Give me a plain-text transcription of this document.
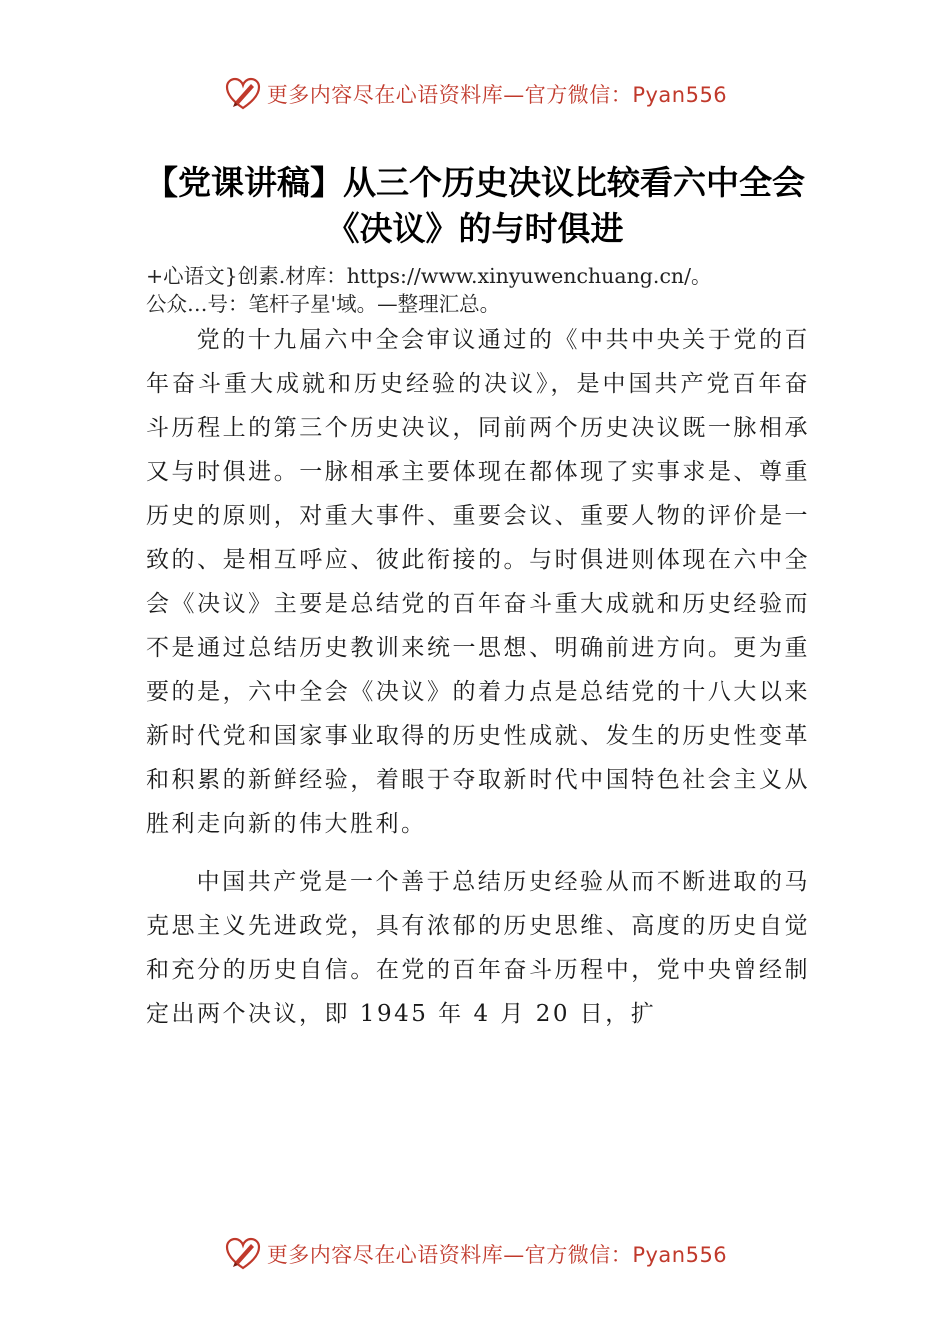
更多内容尽在心语资料库—官方微信：Pyan556
【党课讲稿】从三个历史决议比较看六中全会《决议》的与时俱进
+心语文}创素.材库：https://www.xinyuwenchuang.cn/。
公众…号：笔杆子星'域。—整理汇总。

党的十九届六中全会审议通过的《中共中央关于党的百年奋斗重大成就和历史经验的决议》，是中国共产党百年奋斗历程上的第三个历史决议，同前两个历史决议既一脉相承又与时俱进。一脉相承主要体现在都体现了实事求是、尊重历史的原则，对重大事件、重要会议、重要人物的评价是一致的、是相互呼应、彼此衔接的。与时俱进则体现在六中全会《决议》主要是总结党的百年奋斗重大成就和历史经验而不是通过总结历史教训来统一思想、明确前进方向。更为重要的是，六中全会《决议》的着力点是总结党的十八大以来新时代党和国家事业取得的历史性成就、发生的历史性变革和积累的新鲜经验，着眼于夺取新时代中国特色社会主义从胜利走向新的伟大胜利。

中国共产党是一个善于总结历史经验从而不断进取的马克思主义先进政党，具有浓郁的历史思维、高度的历史自觉和充分的历史自信。在党的百年奋斗历程中，党中央曾经制定出两个决议，即 1945 年 4 月 20 日，扩

更多内容尽在心语资料库—官方微信：Pyan556
